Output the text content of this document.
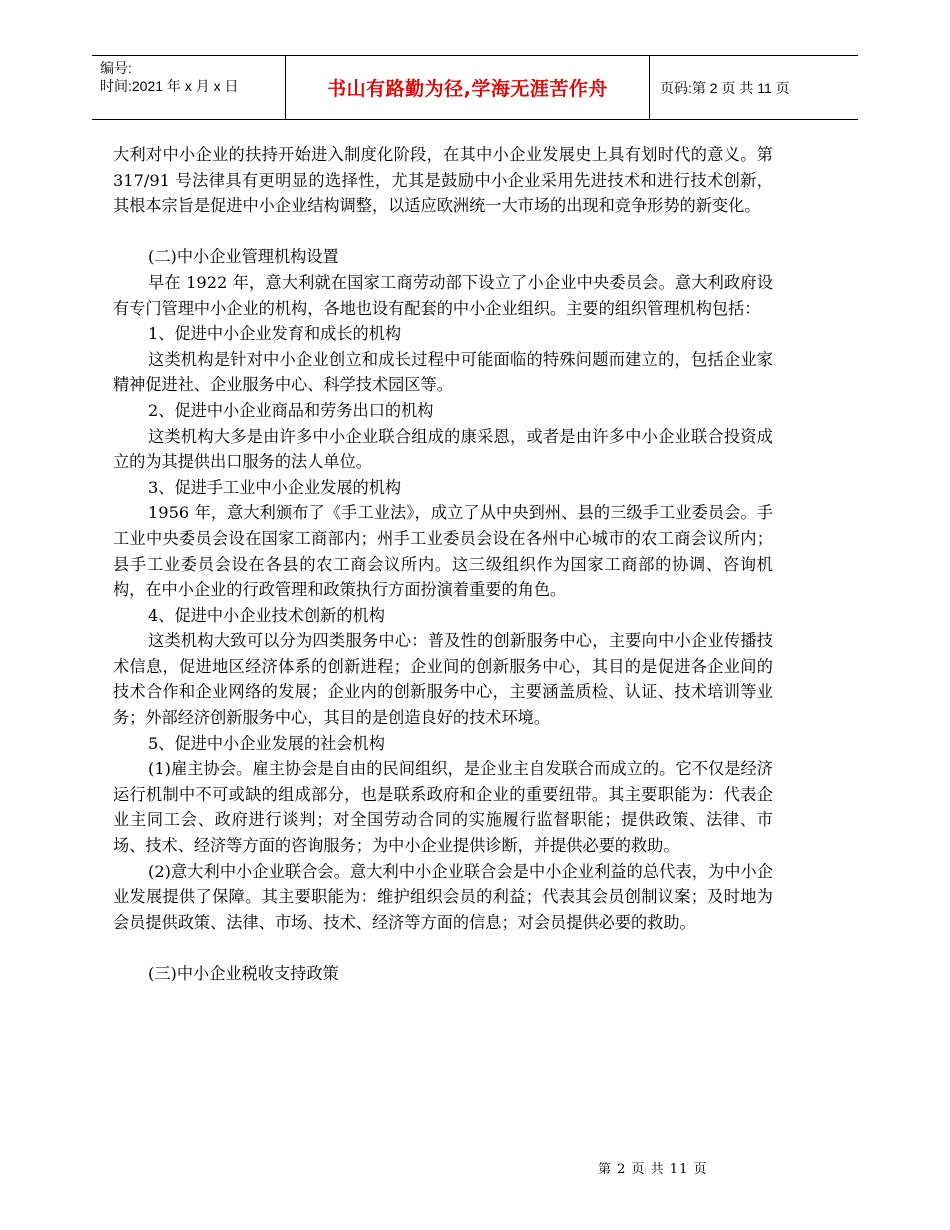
编号:
时间:2021 年 x 月 x 日	书山有路勤为径,学海无涯苦作舟	页码:第 2 页 共 11 页

大利对中小企业的扶持开始进入制度化阶段，在其中小企业发展史上具有划时代的意义。第 317/91 号法律具有更明显的选择性，尤其是鼓励中小企业采用先进技术和进行技术创新，其根本宗旨是促进中小企业结构调整，以适应欧洲统一大市场的出现和竞争形势的新变化。

(二)中小企业管理机构设置

早在 1922 年，意大利就在国家工商劳动部下设立了小企业中央委员会。意大利政府设有专门管理中小企业的机构，各地也设有配套的中小企业组织。主要的组织管理机构包括：

1、促进中小企业发育和成长的机构

这类机构是针对中小企业创立和成长过程中可能面临的特殊问题而建立的，包括企业家精神促进社、企业服务中心、科学技术园区等。

2、促进中小企业商品和劳务出口的机构

这类机构大多是由许多中小企业联合组成的康采恩，或者是由许多中小企业联合投资成立的为其提供出口服务的法人单位。

3、促进手工业中小企业发展的机构

1956 年，意大利颁布了《手工业法》，成立了从中央到州、县的三级手工业委员会。手工业中央委员会设在国家工商部内；州手工业委员会设在各州中心城市的农工商会议所内；县手工业委员会设在各县的农工商会议所内。这三级组织作为国家工商部的协调、咨询机构，在中小企业的行政管理和政策执行方面扮演着重要的角色。

4、促进中小企业技术创新的机构

这类机构大致可以分为四类服务中心：普及性的创新服务中心，主要向中小企业传播技术信息，促进地区经济体系的创新进程；企业间的创新服务中心，其目的是促进各企业间的技术合作和企业网络的发展；企业内的创新服务中心，主要涵盖质检、认证、技术培训等业务；外部经济创新服务中心，其目的是创造良好的技术环境。

5、促进中小企业发展的社会机构

(1)雇主协会。雇主协会是自由的民间组织，是企业主自发联合而成立的。它不仅是经济运行机制中不可或缺的组成部分，也是联系政府和企业的重要纽带。其主要职能为：代表企业主同工会、政府进行谈判；对全国劳动合同的实施履行监督职能；提供政策、法律、市场、技术、经济等方面的咨询服务；为中小企业提供诊断，并提供必要的救助。

(2)意大利中小企业联合会。意大利中小企业联合会是中小企业利益的总代表，为中小企业发展提供了保障。其主要职能为：维护组织会员的利益；代表其会员创制议案；及时地为会员提供政策、法律、市场、技术、经济等方面的信息；对会员提供必要的救助。

(三)中小企业税收支持政策

第 2 页 共 11 页
